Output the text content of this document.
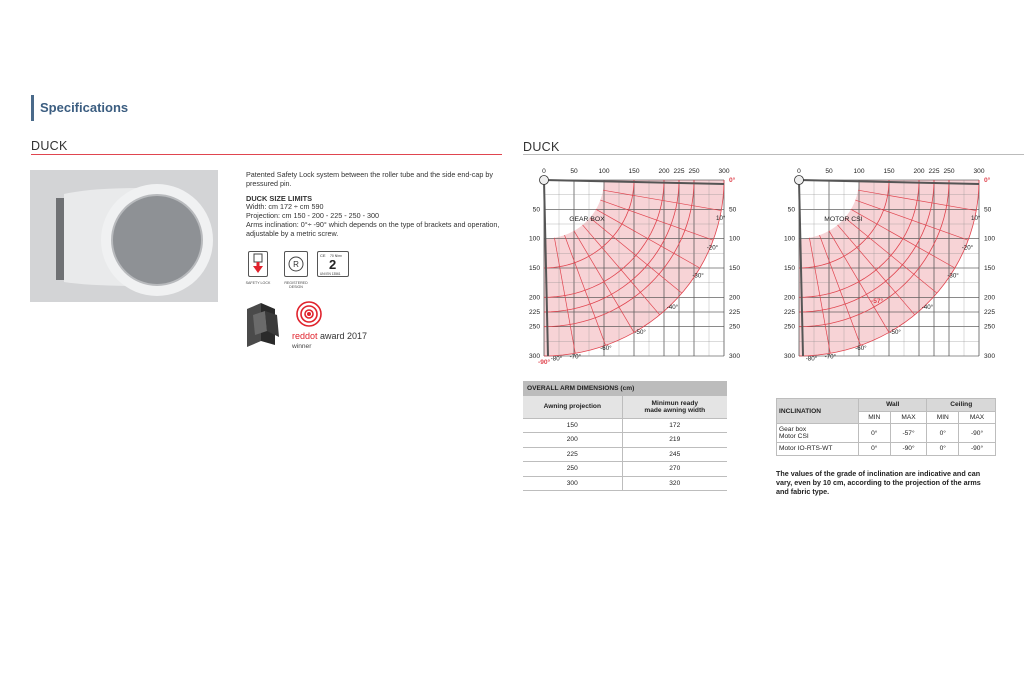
Specifications
DUCK	DUCK
Patented Safety Lock system between the roller tube and the side end-cap by pressured pin.
DUCK SIZE LIMITS
Width: cm 172 ÷ cm 590
Projection: cm 150 - 200 - 225 - 250 - 300
Arms inclination: 0°÷ -90° which depends on the type of brackets and operation, adjustable by a metric screw.
SAFETY LOCK
R
REGISTERED DESIGN
CE 70 N/m²
2
UNI EN 13561
reddot award 2017
winner
0	50	100	150	200 225 250	300
50
100
150
200
225
250
300
50
100
150
200
225
250
300
10°
-20°
-30°
-40°
-50°
-60°
-70°
-80°
0°
-90°
GEAR BOX
0	50	100	150	200 225 250	300
50
100
150
200
225
250
300
50
100
150
200
225
250
300
10°
-20°
-30°
-40°
-50°
-60°
-70°
-80°
0°
-57°
MOTOR CSI
OVERALL ARM DIMENSIONS (cm)	
Awning projection	Minimun ready
made awning width

150	172
200	219
225	245
250	270
300	320
INCLINATION	Wall		Ceiling	
	MIN	MAX	MIN	MAX

Gear box
Motor CSI	0°	-57°	0°	-90°
Motor IO-RTS-WT	0°	-90°	0°	-90°
The values of the grade of inclination are indicative and can vary, even by 10 cm, according to the projection of the arms and fabric type.
